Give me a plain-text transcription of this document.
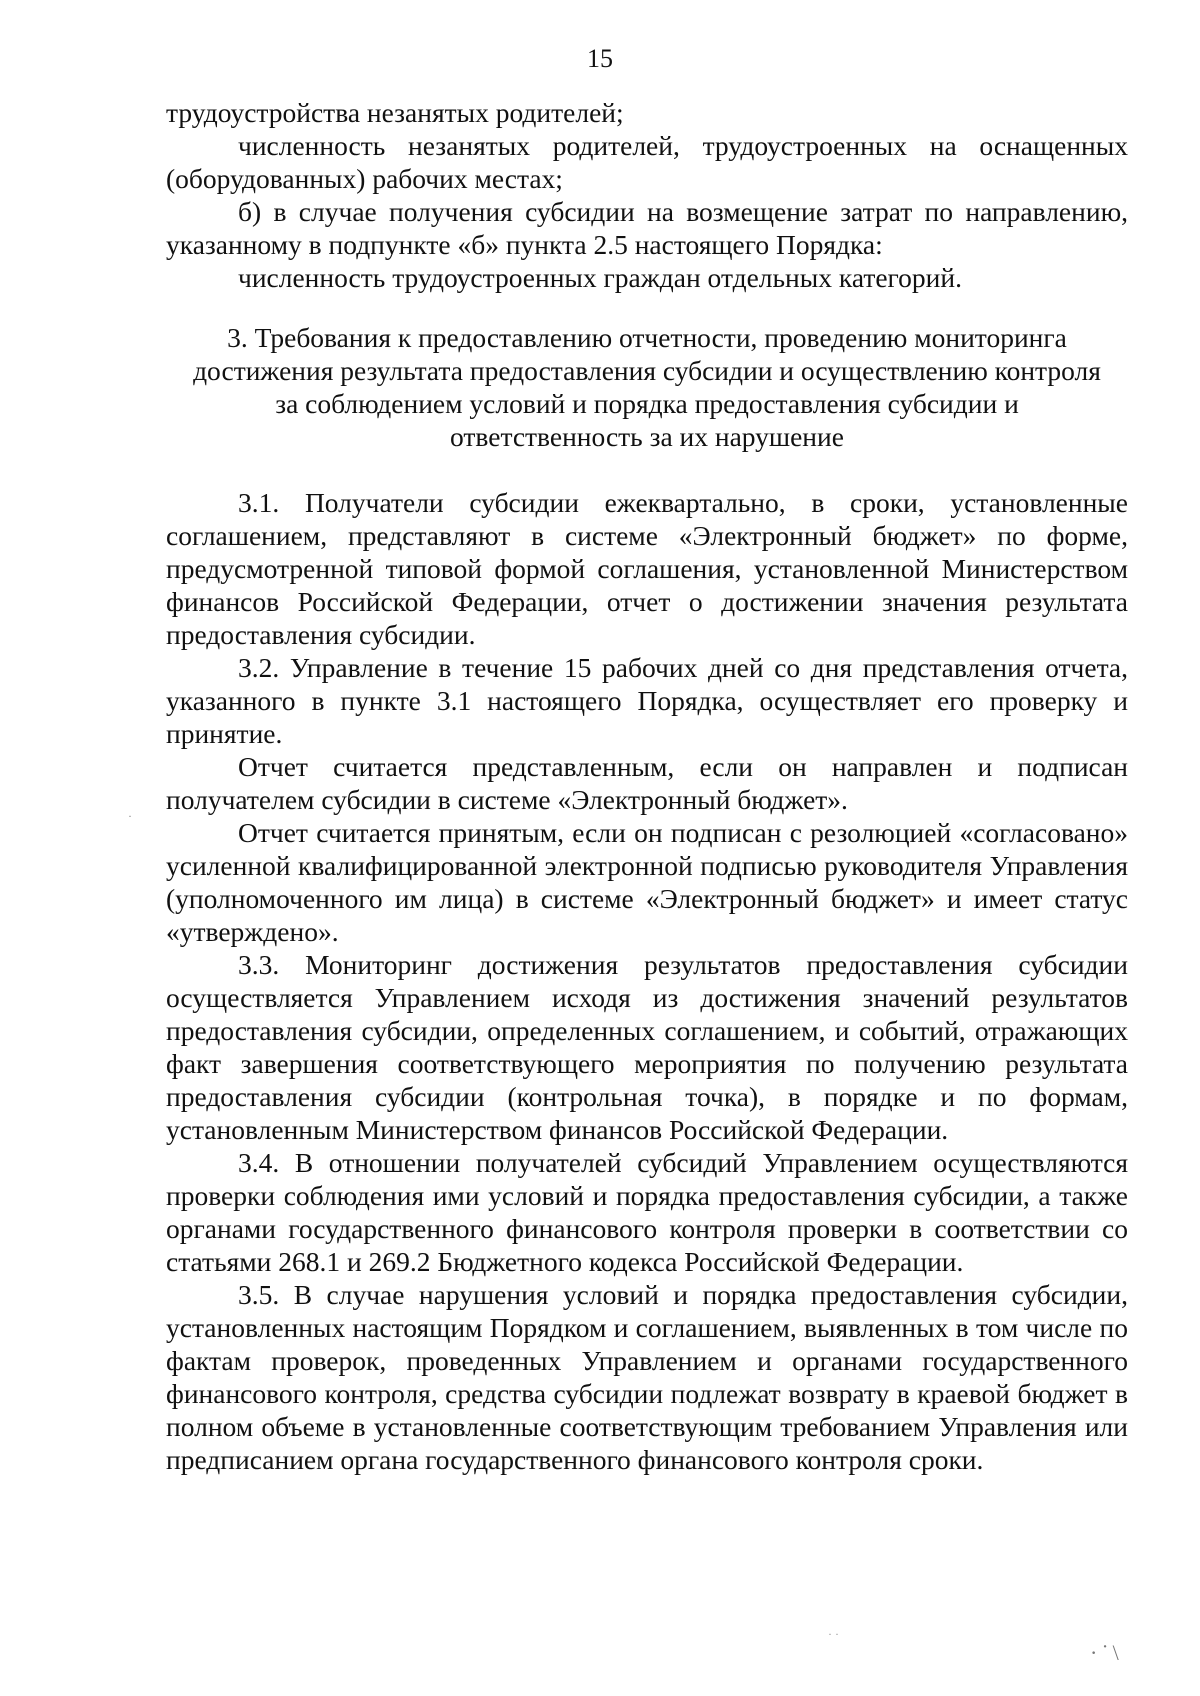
15

трудоустройства незанятых родителей;

численность незанятых родителей, трудоустроенных на оснащенных (оборудованных) рабочих местах;

б) в случае получения субсидии на возмещение затрат по направлению, указанному в подпункте «б» пункта 2.5 настоящего Порядка:

численность трудоустроенных граждан отдельных категорий.

3. Требования к предоставлению отчетности, проведению мониторинга
достижения результата предоставления субсидии и осуществлению контроля
за соблюдением условий и порядка предоставления субсидии и
ответственность за их нарушение

3.1. Получатели субсидии ежеквартально, в сроки, установленные соглашением, представляют в системе «Электронный бюджет» по форме, предусмотренной типовой формой соглашения, установленной Министерством финансов Российской Федерации, отчет о достижении значения результата предоставления субсидии.

3.2. Управление в течение 15 рабочих дней со дня представления отчета, указанного в пункте 3.1 настоящего Порядка, осуществляет его проверку и принятие.

Отчет считается представленным, если он направлен и подписан получателем субсидии в системе «Электронный бюджет».

Отчет считается принятым, если он подписан с резолюцией «согласовано» усиленной квалифицированной электронной подписью руководителя Управления (уполномоченного им лица) в системе «Электронный бюджет» и имеет статус «утверждено».

3.3. Мониторинг достижения результатов предоставления субсидии осуществляется Управлением исходя из достижения значений результатов предоставления субсидии, определенных соглашением, и событий, отражающих факт завершения соответствующего мероприятия по получению результата предоставления субсидии (контрольная точка), в порядке и по формам, установленным Министерством финансов Российской Федерации.

3.4. В отношении получателей субсидий Управлением осуществляются проверки соблюдения ими условий и порядка предоставления субсидии, а также органами государственного финансового контроля проверки в соответствии со статьями 268.1 и 269.2 Бюджетного кодекса Российской Федерации.

3.5. В случае нарушения условий и порядка предоставления субсидии, установленных настоящим Порядком и соглашением, выявленных в том числе по фактам проверок, проведенных Управлением и органами государственного финансового контроля, средства субсидии подлежат возврату в краевой бюджет в полном объеме в установленные соответствующим требованием Управления или предписанием органа государственного финансового контроля сроки.

·
· ·
·˙\
